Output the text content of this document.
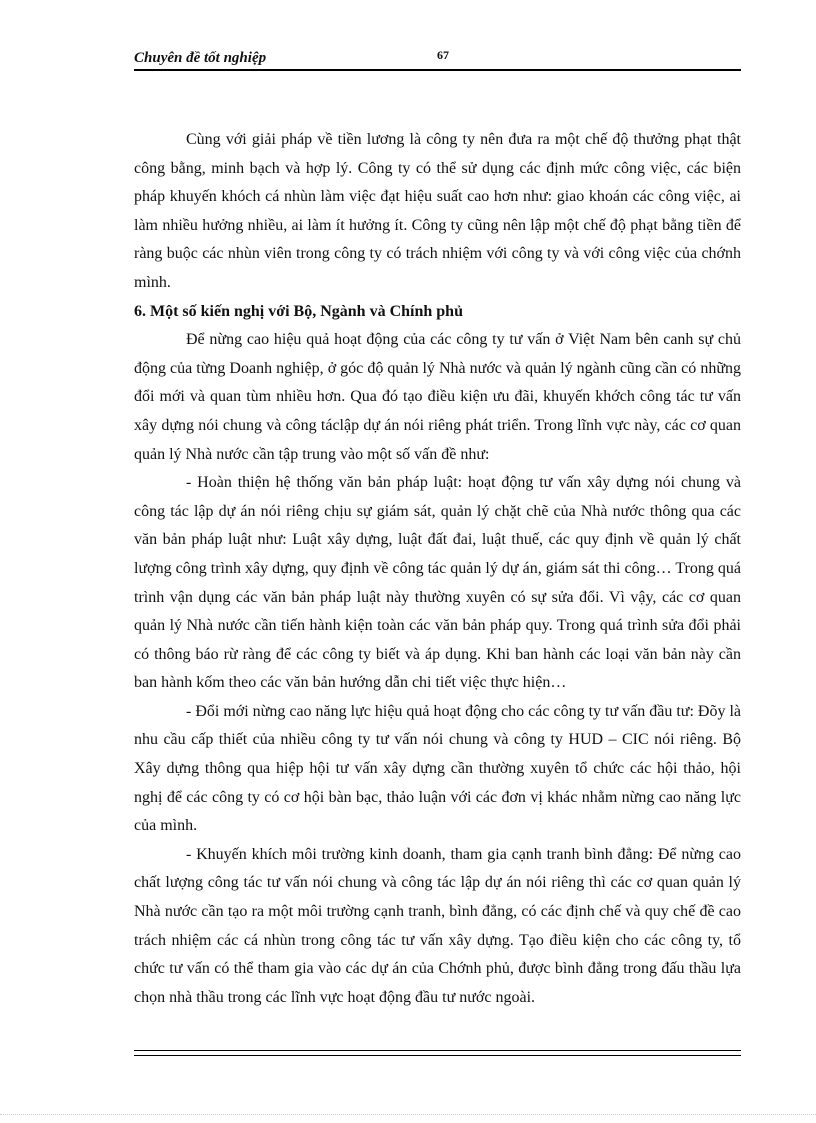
Chuyên đề tốt nghiệp	67

Cùng với giải pháp về tiền lương là công ty nên đưa ra một chế độ thưởng phạt thật công bằng, minh bạch và hợp lý. Công ty có thể sử dụng các định mức công việc, các biện pháp khuyến khóch cá nhùn làm việc đạt hiệu suất cao hơn như: giao khoán các công việc, ai làm nhiều hưởng nhiều, ai làm ít hưởng ít. Công ty cũng nên lập một chế độ phạt bằng tiền để ràng buộc các nhùn viên trong công ty có trách nhiệm với công ty và với công việc của chớnh mình.

6. Một số kiến nghị với Bộ, Ngành và Chính phủ

Để nừng cao hiệu quả hoạt động của các công ty tư vấn ở Việt Nam bên canh sự chủ động của từng Doanh nghiệp, ở góc độ quản lý Nhà nước và quản lý ngành cũng cần có những đổi mới và quan tùm nhiều hơn. Qua đó tạo điều kiện ưu đãi, khuyến khớch công tác tư vấn xây dựng nói chung và công táclập dự án nói riêng phát triển. Trong lĩnh vực này, các cơ quan quản lý Nhà nước cần tập trung vào một số vấn đề như:

- Hoàn thiện hệ thống văn bản pháp luật: hoạt động tư vấn xây dựng nói chung và công tác lập dự án nói riêng chịu sự giám sát, quản lý chặt chẽ của Nhà nước thông qua các văn bản pháp luật như: Luật xây dựng, luật đất đai, luật thuế, các quy định về quản lý chất lượng công trình xây dựng, quy định về công tác quản lý dự án, giám sát thi công… Trong quá trình vận dụng các văn bản pháp luật này thường xuyên có sự sửa đổi. Vì vậy, các cơ quan quản lý Nhà nước cần tiến hành kiện toàn các văn bản pháp quy. Trong quá trình sửa đổi phải có thông báo rừ ràng để các công ty biết và áp dụng. Khi ban hành các loại văn bản này cần ban hành kốm theo các văn bản hướng dẫn chi tiết việc thực hiện…

- Đổi mới nừng cao năng lực hiệu quả hoạt động cho các công ty tư vấn đầu tư: Đõy là nhu cầu cấp thiết của nhiều công ty tư vấn nói chung và công ty HUD – CIC nói riêng. Bộ Xây dựng thông qua hiệp hội tư vấn xây dựng cần thường xuyên tổ chức các hội thảo, hội nghị để các công ty có cơ hội bàn bạc, thảo luận với các đơn vị khác nhằm nừng cao năng lực của mình.

- Khuyến khích môi trường kinh doanh, tham gia cạnh tranh bình đẳng: Để nừng cao chất lượng công tác tư vấn nói chung và công tác lập dự án nói riêng thì các cơ quan quản lý Nhà nước cần tạo ra một môi trường cạnh tranh, bình đẳng, có các định chế và quy chế đề cao trách nhiệm các cá nhùn trong công tác tư vấn xây dựng. Tạo điều kiện cho các công ty, tổ chức tư vấn có thể tham gia vào các dự án của Chớnh phủ, được bình đẳng trong đấu thầu lựa chọn nhà thầu trong các lĩnh vực hoạt động đầu tư nước ngoài.
